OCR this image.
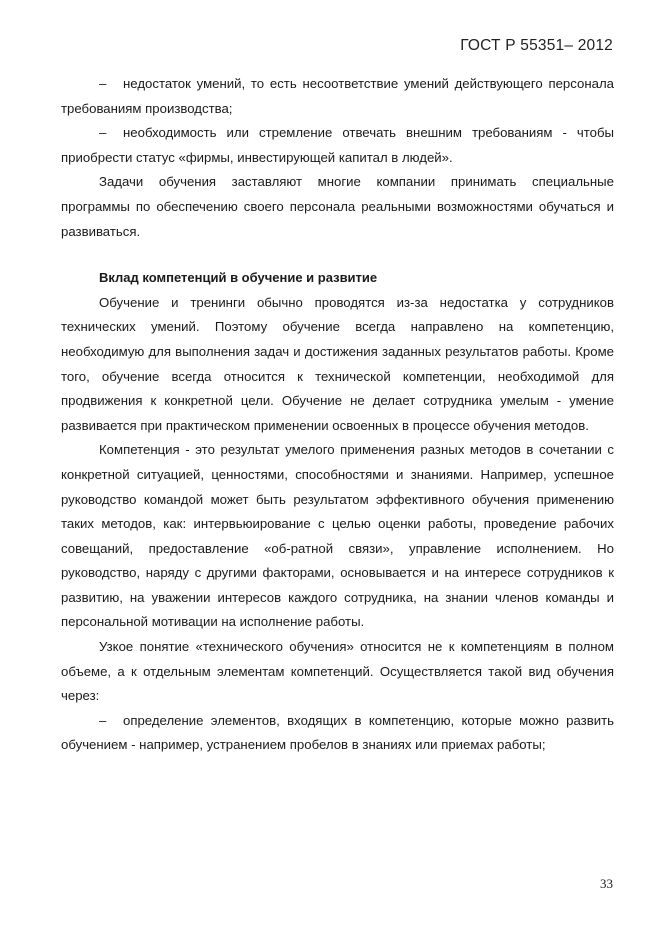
ГОСТ Р 55351– 2012

– недостаток умений, то есть несоответствие умений действующего персонала требованиям производства;

– необходимость или стремление отвечать внешним требованиям - чтобы приобрести статус «фирмы, инвестирующей капитал в людей».

Задачи обучения заставляют многие компании принимать специальные программы по обеспечению своего персонала реальными возможностями обучаться и развиваться.

Вклад компетенций в обучение и развитие

Обучение и тренинги обычно проводятся из-за недостатка у сотрудников технических умений. Поэтому обучение всегда направлено на компетенцию, необходимую для выполнения задач и достижения заданных результатов работы. Кроме того, обучение всегда относится к технической компетенции, необходимой для продвижения к конкретной цели. Обучение не делает сотрудника умелым - умение развивается при практическом применении освоенных в процессе обучения методов.

Компетенция - это результат умелого применения разных методов в сочетании с конкретной ситуацией, ценностями, способностями и знаниями. Например, успешное руководство командой может быть результатом эффективного обучения применению таких методов, как: интервьюирование с целью оценки работы, проведение рабочих совещаний, предоставление «об-ратной связи», управление исполнением. Но руководство, наряду с другими факторами, основывается и на интересе сотрудников к развитию, на уважении интересов каждого сотрудника, на знании членов команды и персональной мотивации на исполнение работы.

Узкое понятие «технического обучения» относится не к компетенциям в полном объеме, а к отдельным элементам компетенций. Осуществляется такой вид обучения через:

– определение элементов, входящих в компетенцию, которые можно развить обучением - например, устранением пробелов в знаниях или приемах работы;

33
